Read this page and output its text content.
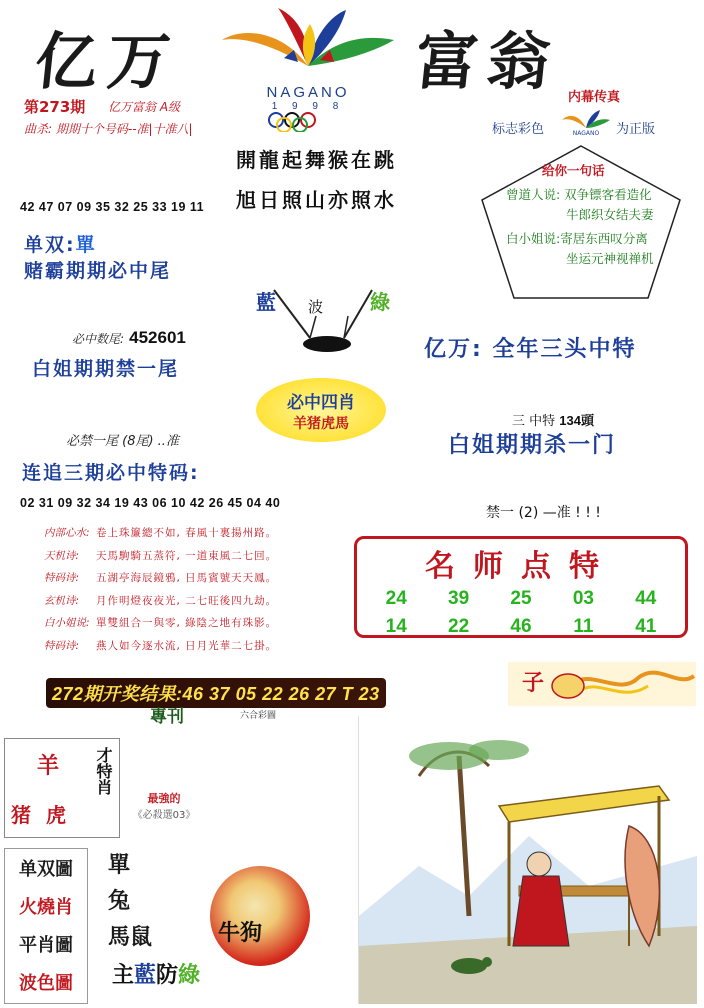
亿万	富翁
NAGANO
1 9 9 8
第273期 亿万富翁 A级
曲杀: 期期十个号码--准|十准八|
開龍起舞猴在跳
旭日照山亦照水
内幕传真
标志彩色	NAGANO 为正版
给你一句话
曾道人说: 双争镖客看造化
牛郎织女结夫妻
白小姐说:寄居东西叹分离
坐运元神视禅机
42 47 07 09 35 32 25 33 19 11
单双:單
赌霸期期必中尾
必中数尾: 452601
白姐期期禁一尾
必禁一尾 (8尾) ..准
连追三期必中特码:
02 31 09 32 34 19 43 06 10 42 26 45 04 40
藍 波 綠
必中四肖
羊猪虎馬
亿万: 全年三头中特
三 中特 134頭
白姐期期杀一门
禁一 (2) —准 ! ! !
名师点特
24	39	25	03	44
14	22	46	11	41
内部心水: 卷上珠簾總不如, 春風十裏揚州路。
天机诗:	天馬駒騎五蒸符, 一道東風二七回。
特码诗:	五湖亭海辰鏡鴉, 日馬賓號天天鳳。
玄机诗:	月作明燈夜夜光, 二七旺後四九劫。
白小姐说: 單雙組合一與零, 綠陰之地有珠影。
特码诗:	燕人如今逐水流, 日月光華二七掛。
272期开奖结果:46 37 05 22 26 27 T 23
專刊	六合彩圖
子
羊
猪 虎
才特肖
最強的
《必殺選03》
单双圖
火燒肖
平肖圖
波色圖
單
兔
馬鼠
主藍防綠
牛狗
